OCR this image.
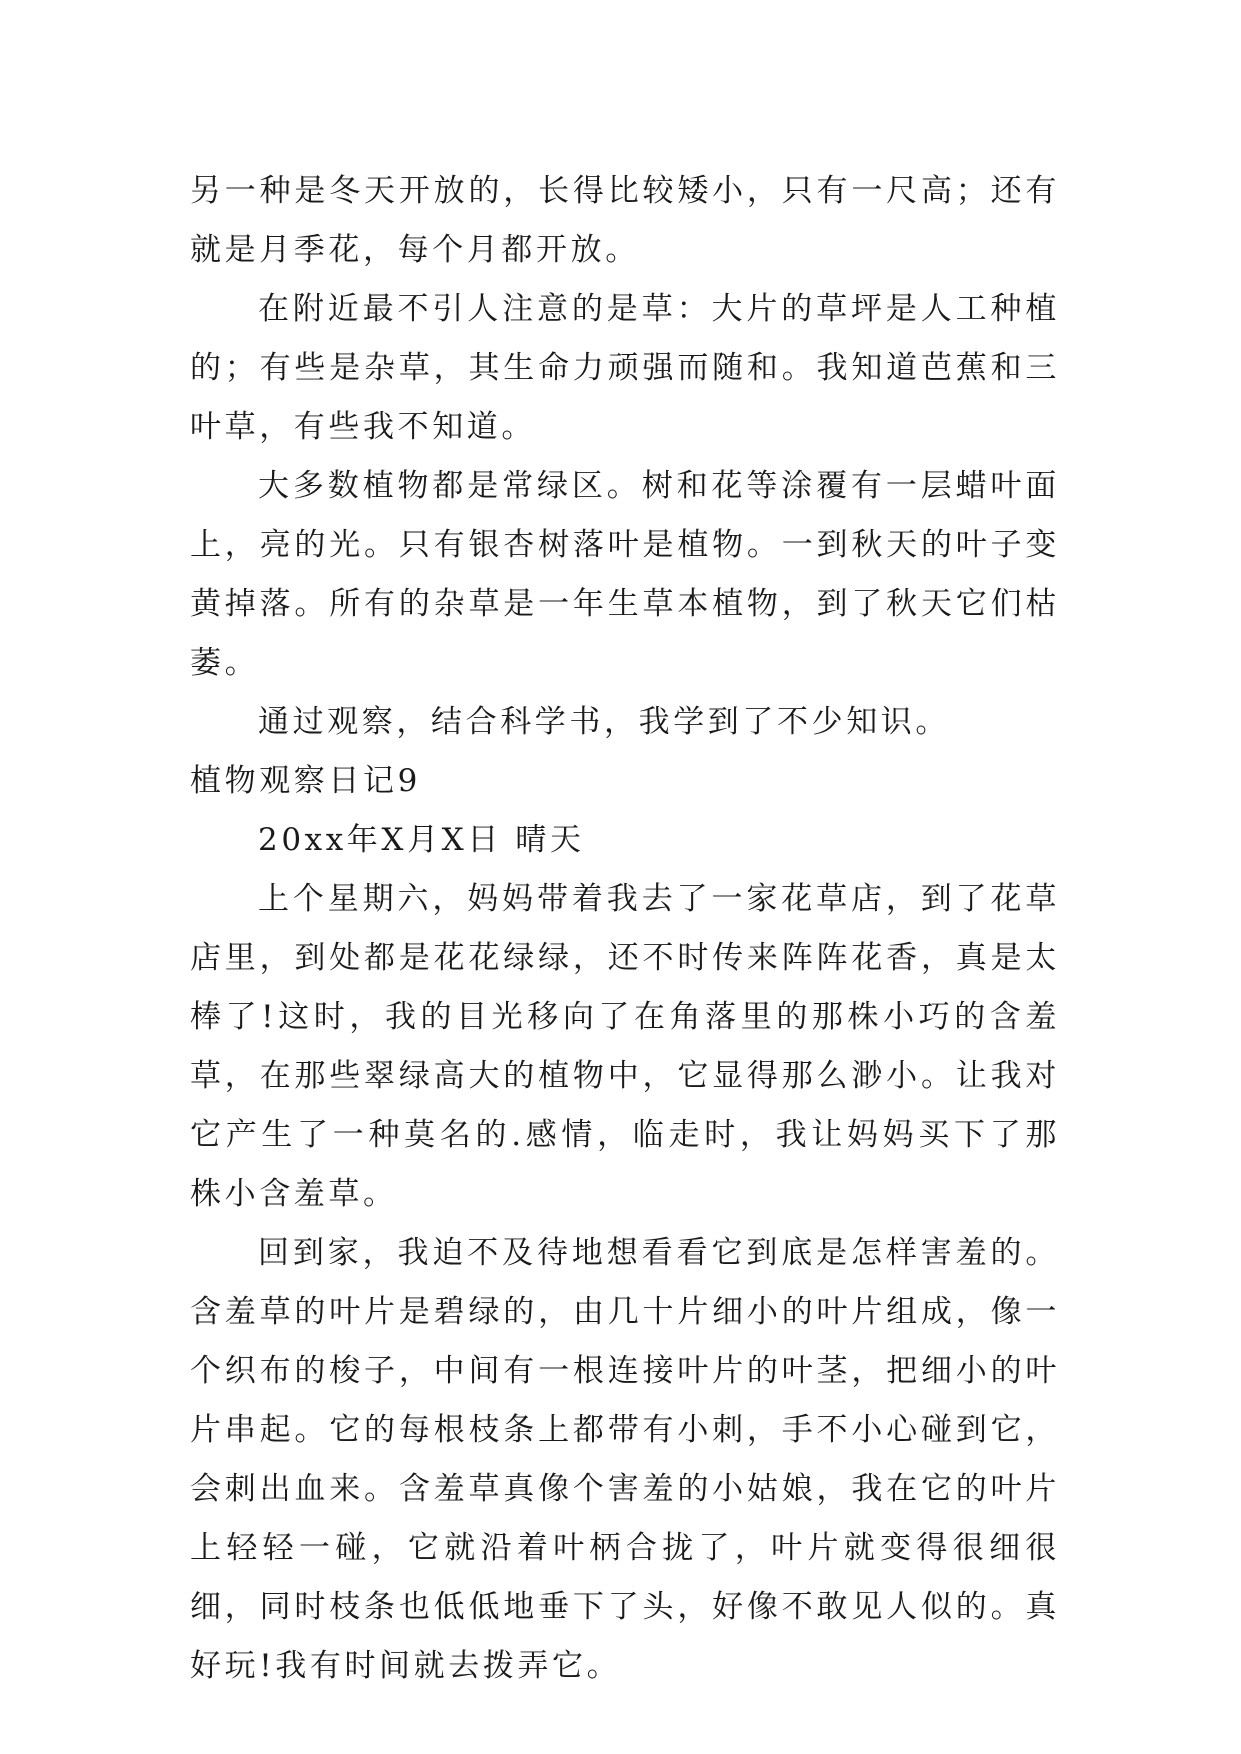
另一种是冬天开放的，长得比较矮小，只有一尺高；还有就是月季花，每个月都开放。

在附近最不引人注意的是草：大片的草坪是人工种植的；有些是杂草，其生命力顽强而随和。我知道芭蕉和三叶草，有些我不知道。

大多数植物都是常绿区。树和花等涂覆有一层蜡叶面上，亮的光。只有银杏树落叶是植物。一到秋天的叶子变黄掉落。所有的杂草是一年生草本植物，到了秋天它们枯萎。

通过观察，结合科学书，我学到了不少知识。

植物观察日记9

20xx年X月X日 晴天

上个星期六，妈妈带着我去了一家花草店，到了花草店里，到处都是花花绿绿，还不时传来阵阵花香，真是太棒了!这时，我的目光移向了在角落里的那株小巧的含羞草，在那些翠绿高大的植物中，它显得那么渺小。让我对它产生了一种莫名的.感情，临走时，我让妈妈买下了那株小含羞草。

回到家，我迫不及待地想看看它到底是怎样害羞的。含羞草的叶片是碧绿的，由几十片细小的叶片组成，像一个织布的梭子，中间有一根连接叶片的叶茎，把细小的叶片串起。它的每根枝条上都带有小刺，手不小心碰到它，会刺出血来。含羞草真像个害羞的小姑娘，我在它的叶片上轻轻一碰，它就沿着叶柄合拢了，叶片就变得很细很细，同时枝条也低低地垂下了头，好像不敢见人似的。真好玩!我有时间就去拨弄它。
